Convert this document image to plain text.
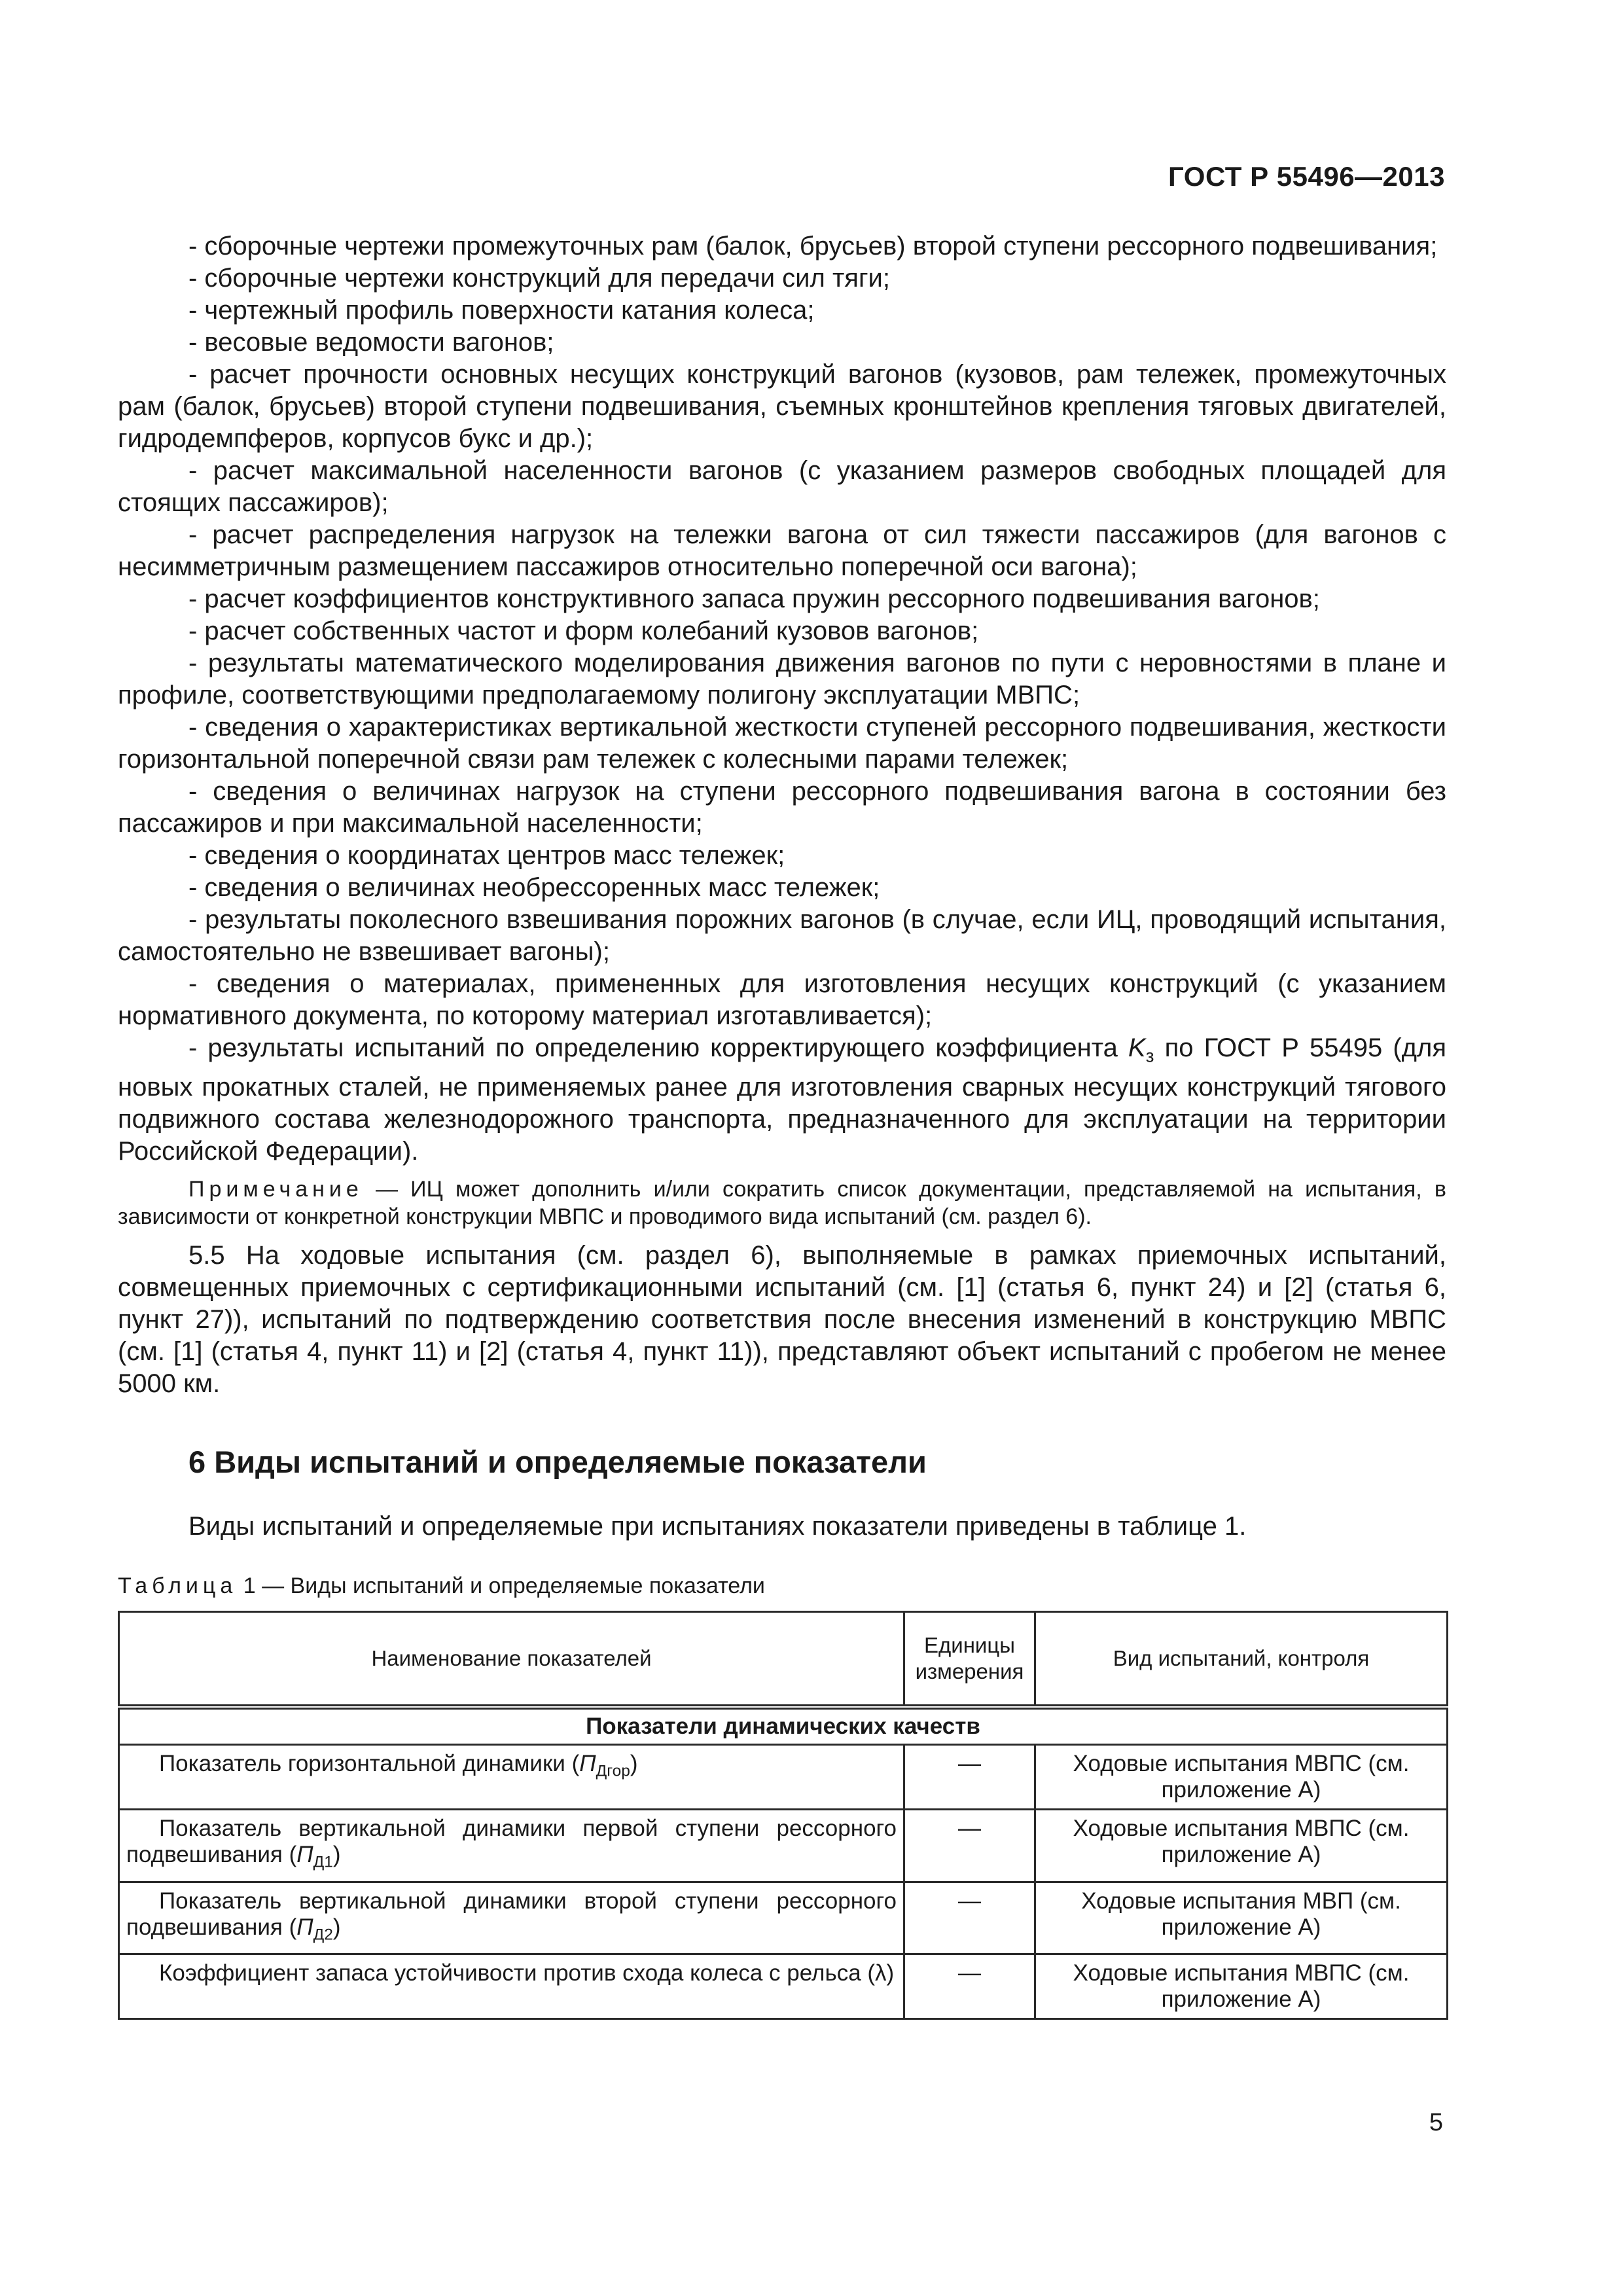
ГОСТ Р 55496—2013

- сборочные чертежи промежуточных рам (балок, брусьев) второй ступени рессорного подвешивания;

- сборочные чертежи конструкций для передачи сил тяги;

- чертежный профиль поверхности катания колеса;

- весовые ведомости вагонов;

- расчет прочности основных несущих конструкций вагонов (кузовов, рам тележек, промежуточных рам (балок, брусьев) второй ступени подвешивания, съемных кронштейнов крепления тяговых двигателей, гидродемпферов, корпусов букс и др.);

- расчет максимальной населенности вагонов (с указанием размеров свободных площадей для стоящих пассажиров);

- расчет распределения нагрузок на тележки вагона от сил тяжести пассажиров (для вагонов с несимметричным размещением пассажиров относительно поперечной оси вагона);

- расчет коэффициентов конструктивного запаса пружин рессорного подвешивания вагонов;

- расчет собственных частот и форм колебаний кузовов вагонов;

- результаты математического моделирования движения вагонов по пути с неровностями в плане и профиле, соответствующими предполагаемому полигону эксплуатации МВПС;

- сведения о характеристиках вертикальной жесткости ступеней рессорного подвешивания, жесткости горизонтальной поперечной связи рам тележек с колесными парами тележек;

- сведения о величинах нагрузок на ступени рессорного подвешивания вагона в состоянии без пассажиров и при максимальной населенности;

- сведения о координатах центров масс тележек;

- сведения о величинах необрессоренных масс тележек;

- результаты поколесного взвешивания порожних вагонов (в случае, если ИЦ, проводящий испытания, самостоятельно не взвешивает вагоны);

- сведения о материалах, примененных для изготовления несущих конструкций (с указанием нормативного документа, по которому материал изготавливается);

- результаты испытаний по определению корректирующего коэффициента $K_з$ по ГОСТ Р 55495 (для новых прокатных сталей, не применяемых ранее для изготовления сварных несущих конструкций тягового подвижного состава железнодорожного транспорта, предназначенного для эксплуатации на территории Российской Федерации).

Примечание — ИЦ может дополнить и/или сократить список документации, представляемой на испытания, в зависимости от конкретной конструкции МВПС и проводимого вида испытаний (см. раздел 6).

5.5 На ходовые испытания (см. раздел 6), выполняемые в рамках приемочных испытаний, совмещенных приемочных с сертификационными испытаний (см. [1] (статья 6, пункт 24) и [2] (статья 6, пункт 27)), испытаний по подтверждению соответствия после внесения изменений в конструкцию МВПС (см. [1] (статья 4, пункт 11) и [2] (статья 4, пункт 11)), представляют объект испытаний с пробегом не менее 5000 км.

6 Виды испытаний и определяемые показатели

Виды испытаний и определяемые при испытаниях показатели приведены в таблице 1.

Таблица 1 — Виды испытаний и определяемые показатели
Наименование показателей	Единицы измерения	Вид испытаний, контроля
Показатели динамических качеств		
Показатель горизонтальной динамики $(П_{Дгор})$	—	Ходовые испытания МВПС (см. приложение А)
Показатель вертикальной динамики первой ступени рессорного подвешивания $(П_{Д1})$	—	Ходовые испытания МВПС (см. приложение А)
Показатель вертикальной динамики второй ступени рессорного подвешивания $(П_{Д2})$	—	Ходовые испытания МВП (см. приложение А)
Коэффициент запаса устойчивости против схода колеса с рельса (λ)	—	Ходовые испытания МВПС (см. приложение А)
5
